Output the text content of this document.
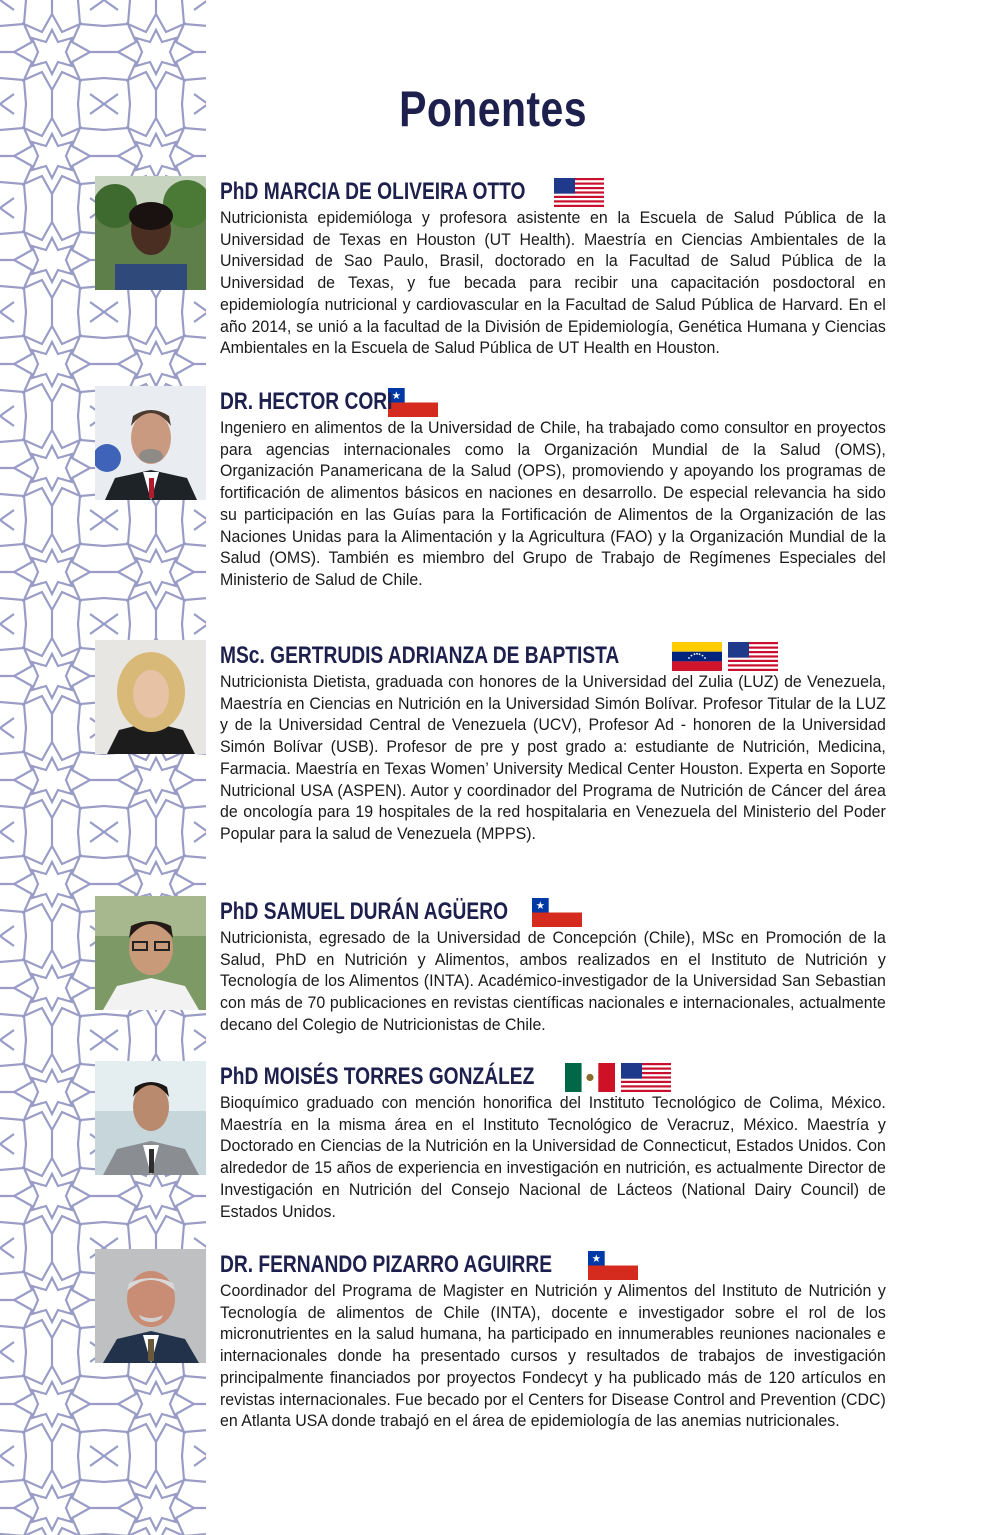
Ponentes
PhD MARCIA DE OLIVEIRA OTTO

Nutricionista epidemióloga y profesora asistente en la Escuela de Salud Pública de la Universidad de Texas en Houston (UT Health). Maestría en Ciencias Ambientales de la Universidad de Sao Paulo, Brasil, doctorado en la Facultad de Salud Pública de la Universidad de Texas, y fue becada para recibir una capacitación posdoctoral en epidemiología nutricional y cardiovascular en la Facultad de Salud Pública de Harvard. En el año 2014, se unió a la facultad de la División de Epidemiología, Genética Humana y Ciencias Ambientales en la Escuela de Salud Pública de UT Health en Houston.

DR. HECTOR CORI

Ingeniero en alimentos de la Universidad de Chile, ha trabajado como consultor en proyectos para agencias internacionales como la Organización Mundial de la Salud (OMS), Organización Panamericana de la Salud (OPS), promoviendo y apoyando los programas de fortificación de alimentos básicos en naciones en desarrollo. De especial relevancia ha sido su participación en las Guías para la Fortificación de Alimentos de la Organización de las Naciones Unidas para la Alimentación y la Agricultura (FAO) y la Organización Mundial de la Salud (OMS). También es miembro del Grupo de Trabajo de Regímenes Especiales del Ministerio de Salud de Chile.

MSc. GERTRUDIS ADRIANZA DE BAPTISTA

Nutricionista Dietista, graduada con honores de la Universidad del Zulia (LUZ) de Venezuela, Maestría en Ciencias en Nutrición en la Universidad Simón Bolívar. Profesor Titular de la LUZ y de la Universidad Central de Venezuela (UCV), Profesor Ad - honoren de la Universidad Simón Bolívar (USB). Profesor de pre y post grado a: estudiante de Nutrición, Medicina, Farmacia. Maestría en Texas Women’ University Medical Center Houston. Experta en Soporte Nutricional USA (ASPEN). Autor y coordinador del Programa de Nutrición de Cáncer del área de oncología para 19 hospitales de la red hospitalaria en Venezuela del Ministerio del Poder Popular para la salud de Venezuela (MPPS).

PhD SAMUEL DURÁN AGÜERO

Nutricionista, egresado de la Universidad de Concepción (Chile), MSc en Promoción de la Salud, PhD en Nutrición y Alimentos, ambos realizados en el Instituto de Nutrición y Tecnología de los Alimentos (INTA). Académico-investigador de la Universidad San Sebastian con más de 70 publicaciones en revistas científicas nacionales e internacionales, actualmente decano del Colegio de Nutricionistas de Chile.

PhD MOISÉS TORRES GONZÁLEZ

Bioquímico graduado con mención honorifica del Instituto Tecnológico de Colima, México. Maestría en la misma área en el Instituto Tecnológico de Veracruz, México. Maestría y Doctorado en Ciencias de la Nutrición en la Universidad de Connecticut, Estados Unidos. Con alrededor de 15 años de experiencia en investigación en nutrición, es actualmente Director de Investigación en Nutrición del Consejo Nacional de Lácteos (National Dairy Council) de Estados Unidos.

DR. FERNANDO PIZARRO AGUIRRE

Coordinador del Programa de Magister en Nutrición y Alimentos del Instituto de Nutrición y Tecnología de alimentos de Chile (INTA), docente e investigador sobre el rol de los micronutrientes en la salud humana, ha participado en innumerables reuniones nacionales e internacionales donde ha presentado cursos y resultados de trabajos de investigación principalmente financiados por proyectos Fondecyt y ha publicado más de 120 artículos en revistas internacionales. Fue becado por el Centers for Disease Control and Prevention (CDC) en Atlanta USA donde trabajó en el área de epidemiología de las anemias nutricionales.
